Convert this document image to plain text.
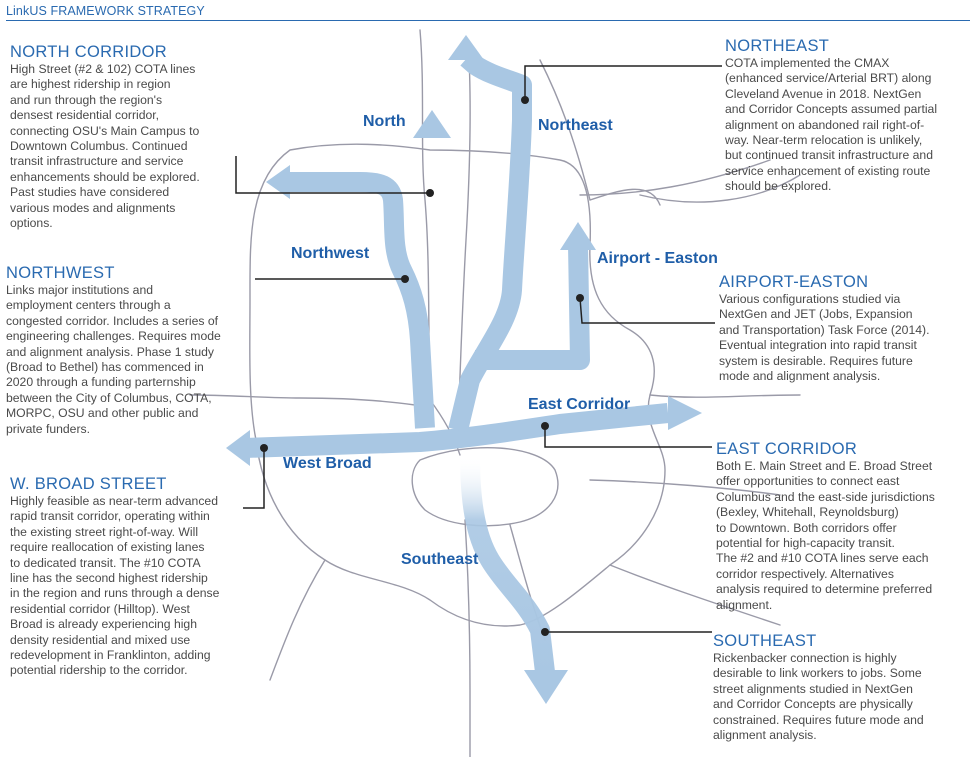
LinkUS FRAMEWORK STRATEGY
North	Northeast
Northwest	Airport - Easton
East Corridor
West Broad
Southeast
NORTH CORRIDOR
High Street (#2 & 102) COTA lines
are highest ridership in region
and run through the region's
densest residential corridor,
connecting OSU's Main Campus to
Downtown Columbus. Continued
transit infrastructure and service
enhancements should be explored.
Past studies have considered
various modes and alignments
options.
NORTHWEST
Links major institutions and
employment centers through a
congested corridor. Includes a series of
engineering challenges. Requires mode
and alignment analysis. Phase 1 study
(Broad to Bethel) has commenced in
2020 through a funding parternship
between the City of Columbus, COTA,
MORPC, OSU and other public and
private funders.
W. BROAD STREET
Highly feasible as near-term advanced
rapid transit corridor, operating within
the existing street right-of-way. Will
require reallocation of existing lanes
to dedicated transit. The #10 COTA
line has the second highest ridership
in the region and runs through a dense
residential corridor (Hilltop). West
Broad is already experiencing high
density residential and mixed use
redevelopment in Franklinton, adding
potential ridership to the corridor.
NORTHEAST
COTA implemented the CMAX
(enhanced service/Arterial BRT) along
Cleveland Avenue in 2018. NextGen
and Corridor Concepts assumed partial
alignment on abandoned rail right-of-
way. Near-term relocation is unlikely,
but continued transit infrastructure and
service enhancement of existing route
should be explored.
AIRPORT-EASTON
Various configurations studied via
NextGen and JET (Jobs, Expansion
and Transportation) Task Force (2014).
Eventual integration into rapid transit
system is desirable. Requires future
mode and alignment analysis.
EAST CORRIDOR
Both E. Main Street and E. Broad Street
offer opportunities to connect east
Columbus and the east-side jurisdictions
(Bexley, Whitehall, Reynoldsburg)
to Downtown. Both corridors offer
potential for high-capacity transit.
The #2 and #10 COTA lines serve each
corridor respectively. Alternatives
analysis required to determine preferred
alignment.
SOUTHEAST
Rickenbacker connection is highly
desirable to link workers to jobs. Some
street alignments studied in NextGen
and Corridor Concepts are physically
constrained. Requires future mode and
alignment analysis.
